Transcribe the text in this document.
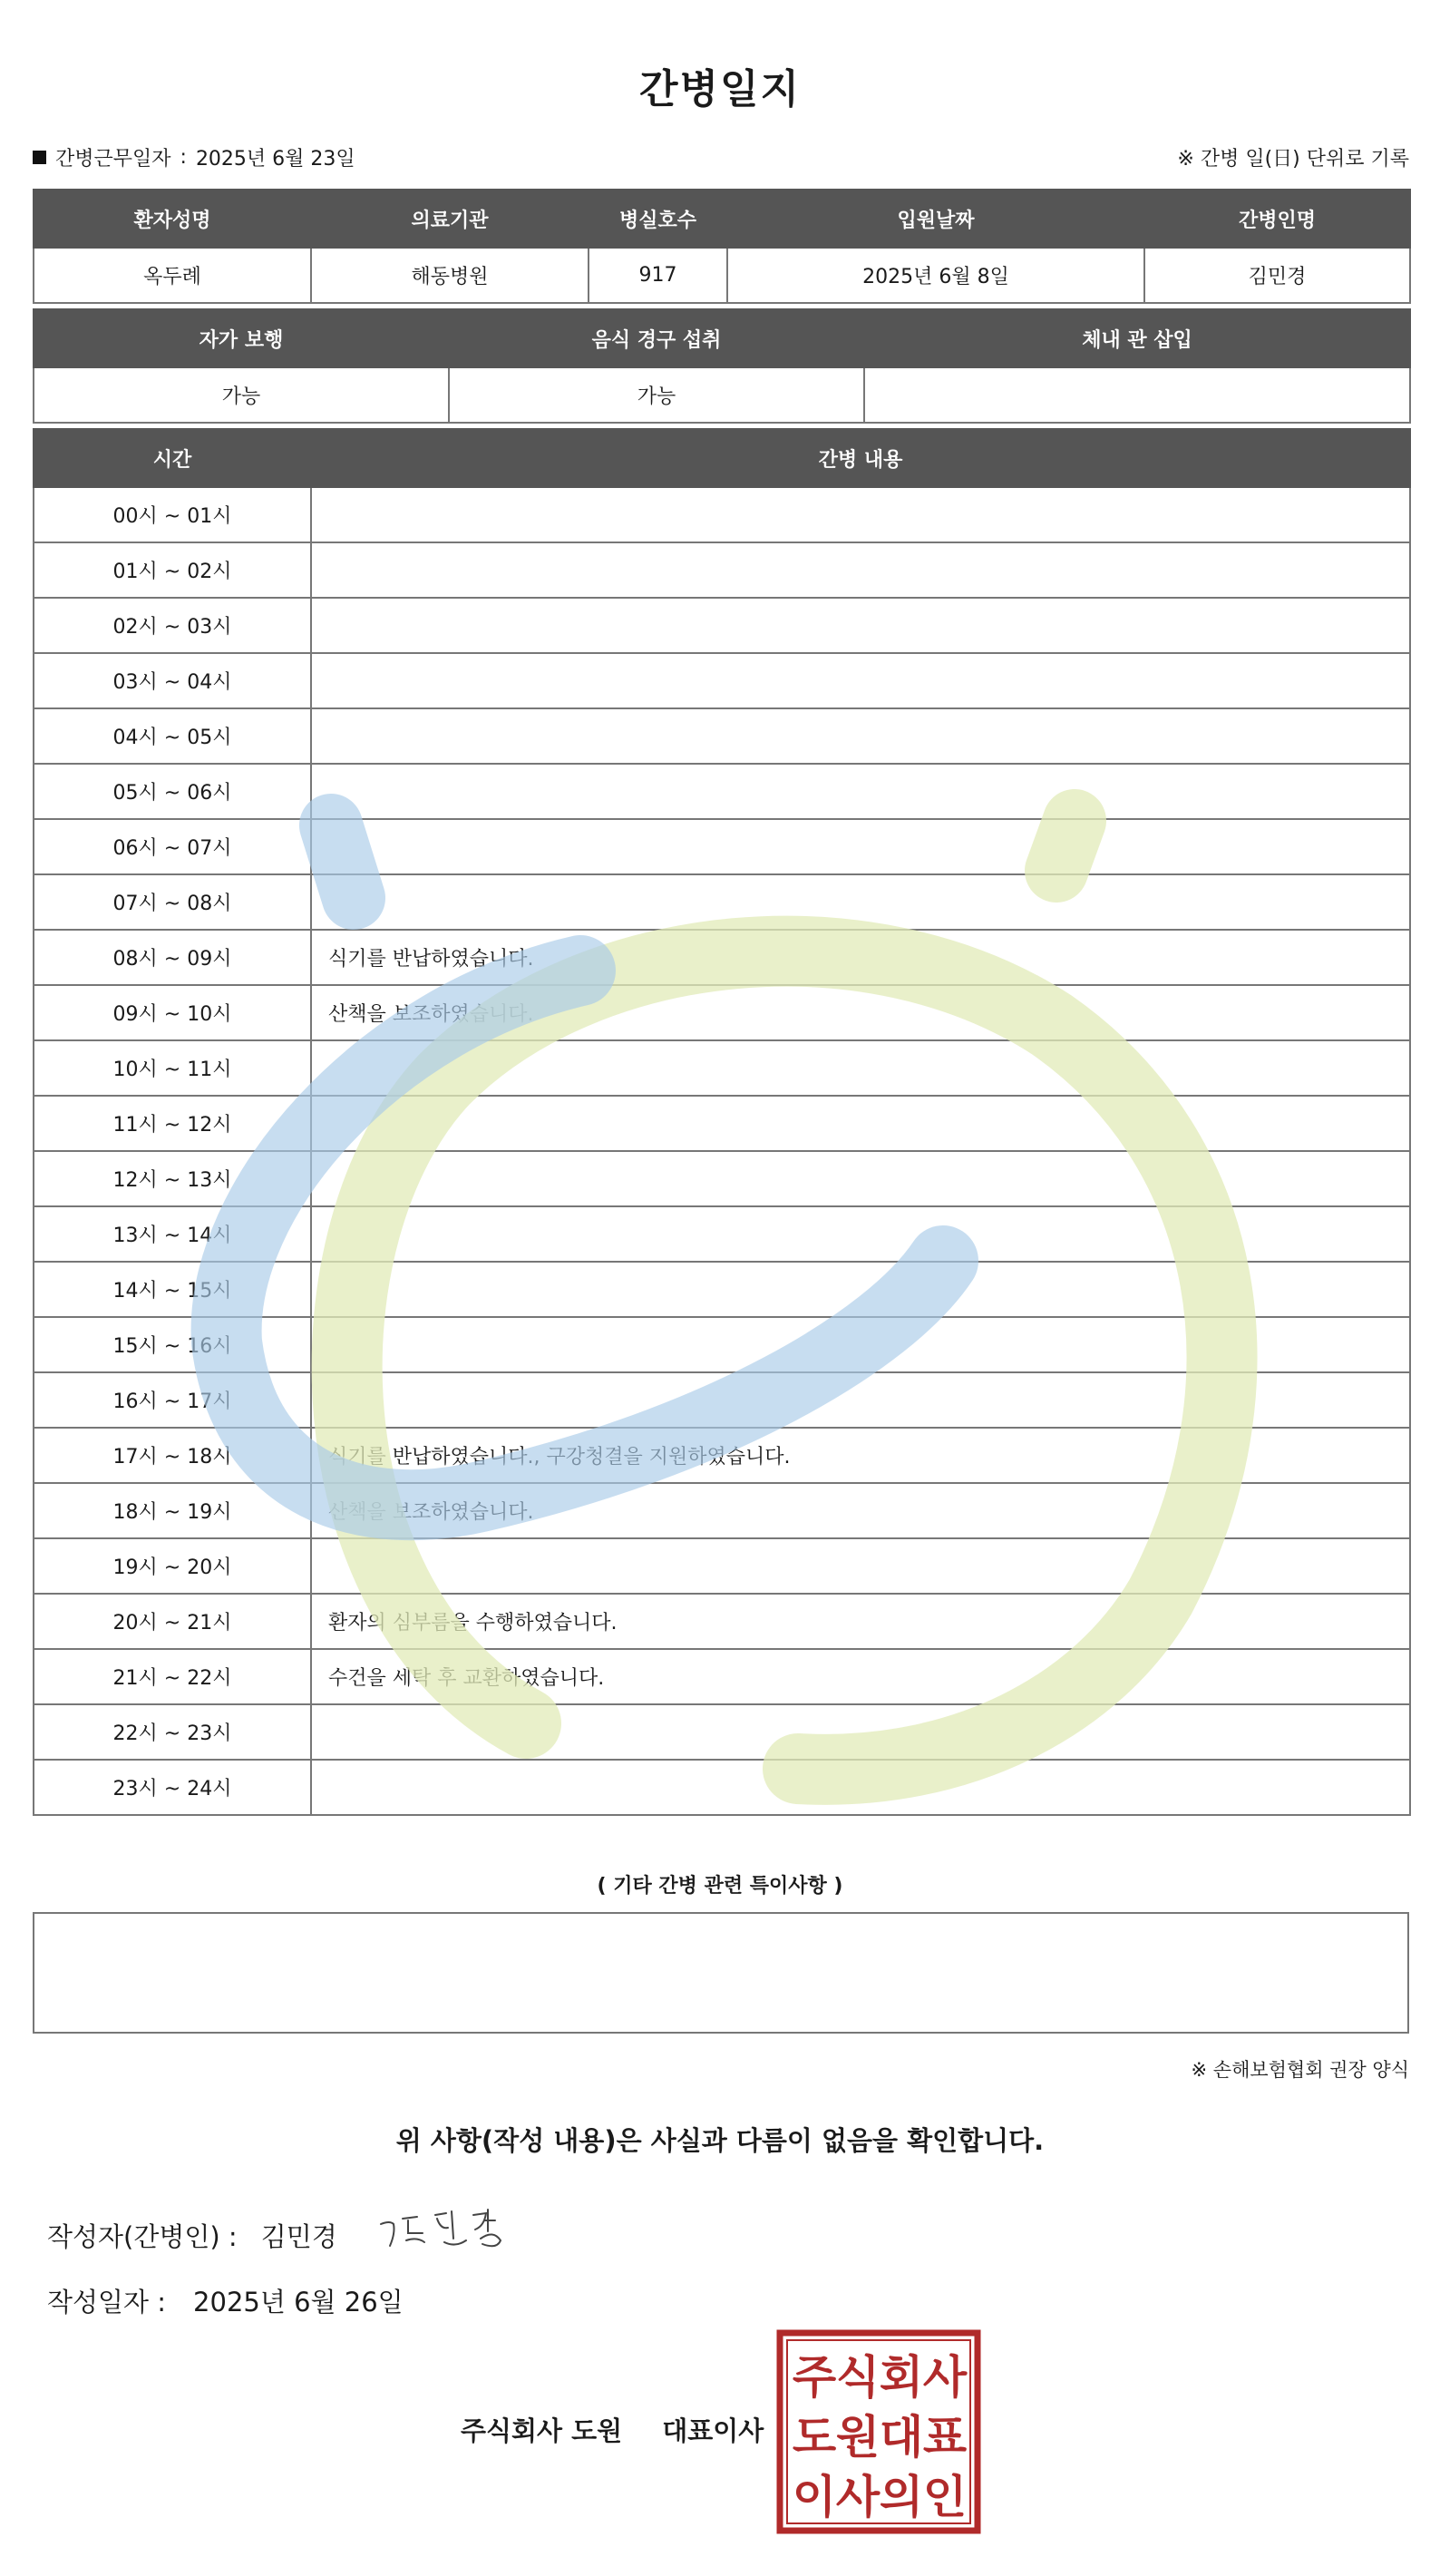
간병일지
간병근무일자 : 2025년 6월 23일	※ 간병 일(日) 단위로 기록
환자성명	의료기관	병실호수	입원날짜	간병인명
옥두례	해동병원	917	2025년 6월 8일	김민경
자가 보행	음식 경구 섭취	체내 관 삽입
가능	가능	
시간	간병 내용
00시 ~ 01시	
01시 ~ 02시	
02시 ~ 03시	
03시 ~ 04시	
04시 ~ 05시	
05시 ~ 06시	
06시 ~ 07시	
07시 ~ 08시	
08시 ~ 09시	식기를 반납하였습니다.
09시 ~ 10시	산책을 보조하였습니다.
10시 ~ 11시	
11시 ~ 12시	
12시 ~ 13시	
13시 ~ 14시	
14시 ~ 15시	
15시 ~ 16시	
16시 ~ 17시	
17시 ~ 18시	식기를 반납하였습니다., 구강청결을 지원하였습니다.
18시 ~ 19시	산책을 보조하였습니다.
19시 ~ 20시	
20시 ~ 21시	환자의 심부름을 수행하였습니다.
21시 ~ 22시	수건을 세탁 후 교환하였습니다.
22시 ~ 23시	
23시 ~ 24시	
( 기타 간병 관련 특이사항 )
※ 손해보험협회 권장 양식
위 사항(작성 내용)은 사실과 다름이 없음을 확인합니다.
작성자(간병인) : 김민경
작성일자 : 2025년 6월 26일
주식회사 도원 대표이사
주 식 회 사
도 원 대 표
이 사 의 인
